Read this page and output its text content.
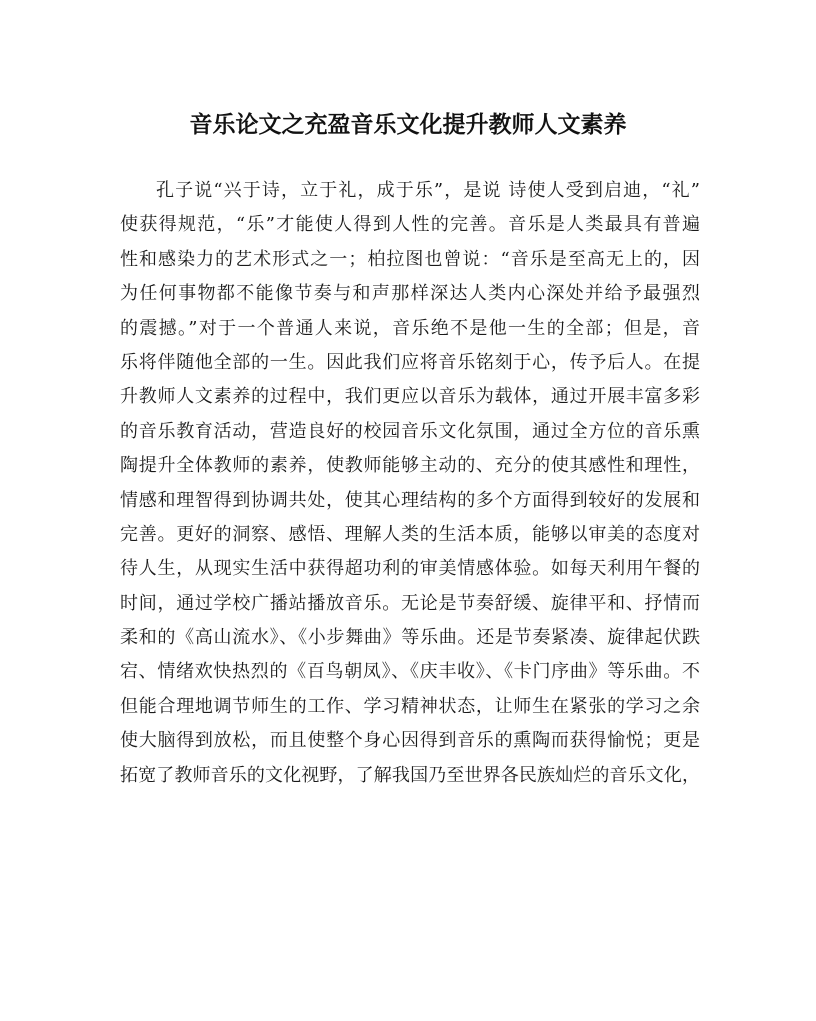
音乐论文之充盈音乐文化提升教师人文素养
孔子说“兴于诗，立于礼，成于乐”，是说 诗使人受到启迪，“礼”
使获得规范，“乐”才能使人得到人性的完善。音乐是人类最具有普遍
性和感染力的艺术形式之一；柏拉图也曾说：“音乐是至高无上的，因
为任何事物都不能像节奏与和声那样深达人类内心深处并给予最强烈
的震撼。”对于一个普通人来说，音乐绝不是他一生的全部；但是，音
乐将伴随他全部的一生。因此我们应将音乐铭刻于心，传予后人。在提
升教师人文素养的过程中，我们更应以音乐为载体，通过开展丰富多彩
的音乐教育活动，营造良好的校园音乐文化氛围，通过全方位的音乐熏
陶提升全体教师的素养，使教师能够主动的、充分的使其感性和理性，
情感和理智得到协调共处，使其心理结构的多个方面得到较好的发展和
完善。更好的洞察、感悟、理解人类的生活本质，能够以审美的态度对
待人生，从现实生活中获得超功利的审美情感体验。如每天利用午餐的
时间，通过学校广播站播放音乐。无论是节奏舒缓、旋律平和、抒情而
柔和的《高山流水》、《小步舞曲》等乐曲。还是节奏紧凑、旋律起伏跌
宕、情绪欢快热烈的《百鸟朝凤》、《庆丰收》、《卡门序曲》等乐曲。不
但能合理地调节师生的工作、学习精神状态，让师生在紧张的学习之余
使大脑得到放松，而且使整个身心因得到音乐的熏陶而获得愉悦；更是
拓宽了教师音乐的文化视野，了解我国乃至世界各民族灿烂的音乐文化，
